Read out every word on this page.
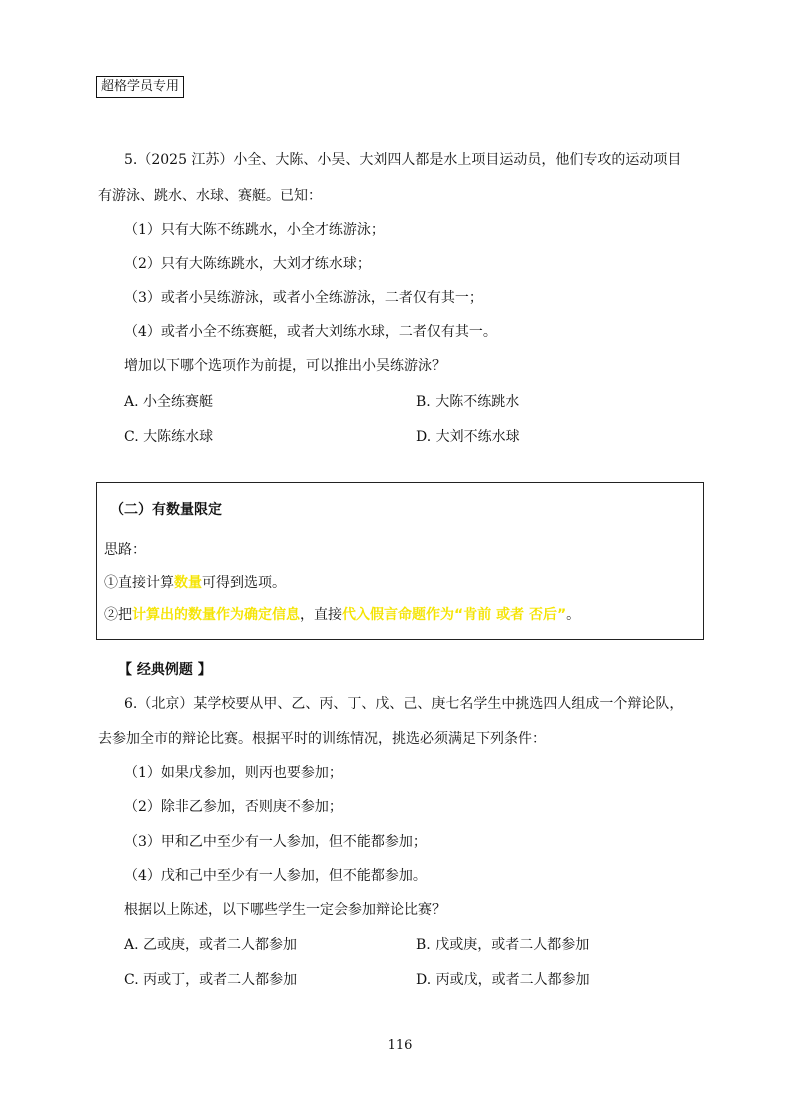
超格学员专用
5.（2025 江苏）小全、大陈、小吴、大刘四人都是水上项目运动员，他们专攻的运动项目
有游泳、跳水、水球、赛艇。已知：
（1）只有大陈不练跳水，小全才练游泳；
（2）只有大陈练跳水，大刘才练水球；
（3）或者小吴练游泳，或者小全练游泳，二者仅有其一；
（4）或者小全不练赛艇，或者大刘练水球，二者仅有其一。
增加以下哪个选项作为前提，可以推出小吴练游泳？
A. 小全练赛艇	B. 大陈不练跳水
C. 大陈练水球	D. 大刘不练水球
（二）有数量限定
思路：
①直接计算数量可得到选项。
②把计算出的数量作为确定信息，直接代入假言命题作为“肯前 或者 否后”。
【 经典例题 】
6.（北京）某学校要从甲、乙、丙、丁、戊、己、庚七名学生中挑选四人组成一个辩论队，
去参加全市的辩论比赛。根据平时的训练情况，挑选必须满足下列条件：
（1）如果戊参加，则丙也要参加；
（2）除非乙参加，否则庚不参加；
（3）甲和乙中至少有一人参加，但不能都参加；
（4）戊和己中至少有一人参加，但不能都参加。
根据以上陈述，以下哪些学生一定会参加辩论比赛？
A. 乙或庚，或者二人都参加	B. 戊或庚，或者二人都参加
C. 丙或丁，或者二人都参加	D. 丙或戊，或者二人都参加
116
